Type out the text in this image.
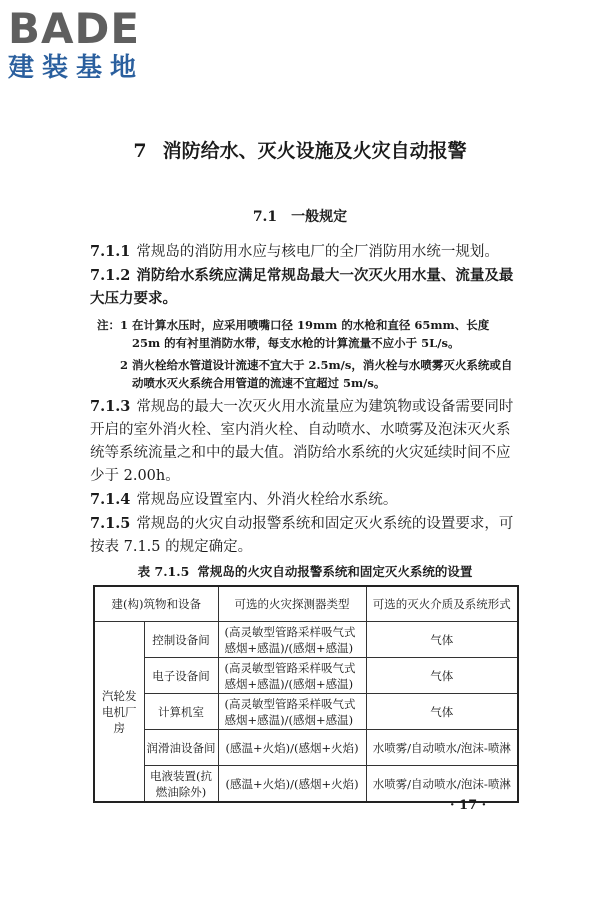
BADE
建装基地
7 消防给水、灭火设施及火灾自动报警
7.1 一般规定

7.1.1 常规岛的消防用水应与核电厂的全厂消防用水统一规划。

7.1.2 消防给水系统应满足常规岛最大一次灭火用水量、流量及最大压力要求。

注：1 在计算水压时，应采用喷嘴口径 19mm 的水枪和直径 65mm、长度 25m 的有衬里消防水带，每支水枪的计算流量不应小于 5L/s。
2 消火栓给水管道设计流速不宜大于 2.5m/s，消火栓与水喷雾灭火系统或自动喷水灭火系统合用管道的流速不宜超过 5m/s。

7.1.3 常规岛的最大一次灭火用水流量应为建筑物或设备需要同时开启的室外消火栓、室内消火栓、自动喷水、水喷雾及泡沫灭火系统等系统流量之和中的最大值。消防给水系统的火灾延续时间不应少于 2.00h。

7.1.4 常规岛应设置室内、外消火栓给水系统。

7.1.5 常规岛的火灾自动报警系统和固定灭火系统的设置要求，可按表 7.1.5 的规定确定。

表 7.1.5 常规岛的火灾自动报警系统和固定灭火系统的设置
建(构)筑物和设备		可选的火灾探测器类型	可选的灭火介质及系统形式
汽轮发电机厂房	控制设备间	(高灵敏型管路采样吸气式感烟+感温)/(感烟+感温)	气体
	电子设备间	(高灵敏型管路采样吸气式感烟+感温)/(感烟+感温)	气体
	计算机室	(高灵敏型管路采样吸气式感烟+感温)/(感烟+感温)	气体
	润滑油设备间	(感温+火焰)/(感烟+火焰)	水喷雾/自动喷水/泡沫-喷淋
	电液装置(抗燃油除外)	(感温+火焰)/(感烟+火焰)	水喷雾/自动喷水/泡沫-喷淋
· 17 ·
